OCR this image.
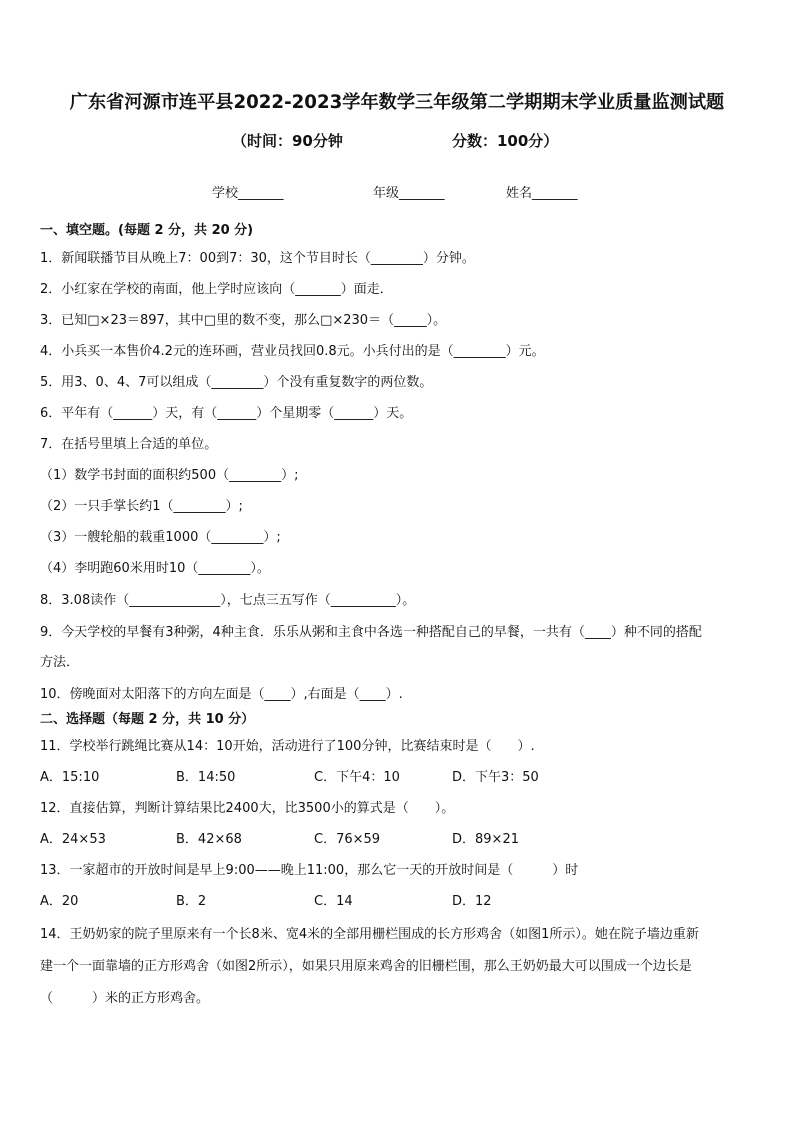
广东省河源市连平县2022-2023学年数学三年级第二学期期末学业质量监测试题
（时间：90分钟	分数：100分）
学校_______	年级_______	姓名_______
一、填空题。(每题 2 分，共 20 分)
1．新闻联播节目从晚上7：00到7：30，这个节目时长（________）分钟。
2．小红家在学校的南面，他上学时应该向（_______）面走．
3．已知□×23＝897，其中□里的数不变，那么□×230＝（_____）。
4．小兵买一本售价4.2元的连环画，营业员找回0.8元。小兵付出的是（________）元。
5．用3、0、4、7可以组成（________）个没有重复数字的两位数。
6．平年有（______）天，有（______）个星期零（______）天。
7．在括号里填上合适的单位。
（1）数学书封面的面积约500（________）;
（2）一只手掌长约1（________）;
（3）一艘轮船的载重1000（________）;
（4）李明跑60米用时10（________）。
8．3.08读作（______________），七点三五写作（__________）。
9．今天学校的早餐有3种粥，4种主食．乐乐从粥和主食中各选一种搭配自己的早餐，一共有（____）种不同的搭配
方法．
10．傍晚面对太阳落下的方向左面是（____）,右面是（____）.
二、选择题（每题 2 分，共 10 分）
11．学校举行跳绳比赛从14：10开始，活动进行了100分钟，比赛结束时是（　　）.
A．15:10	B．14:50	C．下午4：10	D．下午3：50
12．直接估算，判断计算结果比2400大，比3500小的算式是（　　）。
A．24×53	B．42×68	C．76×59	D．89×21
13．一家超市的开放时间是早上9:00——晚上11:00，那么它一天的开放时间是（　　　）时
A．20	B．2	C．14	D．12
14．王奶奶家的院子里原来有一个长8米、宽4米的全部用栅栏围成的长方形鸡舍（如图1所示）。她在院子墙边重新
建一个一面靠墙的正方形鸡舍（如图2所示），如果只用原来鸡舍的旧栅栏围，那么王奶奶最大可以围成一个边长是
（　　　）米的正方形鸡舍。
